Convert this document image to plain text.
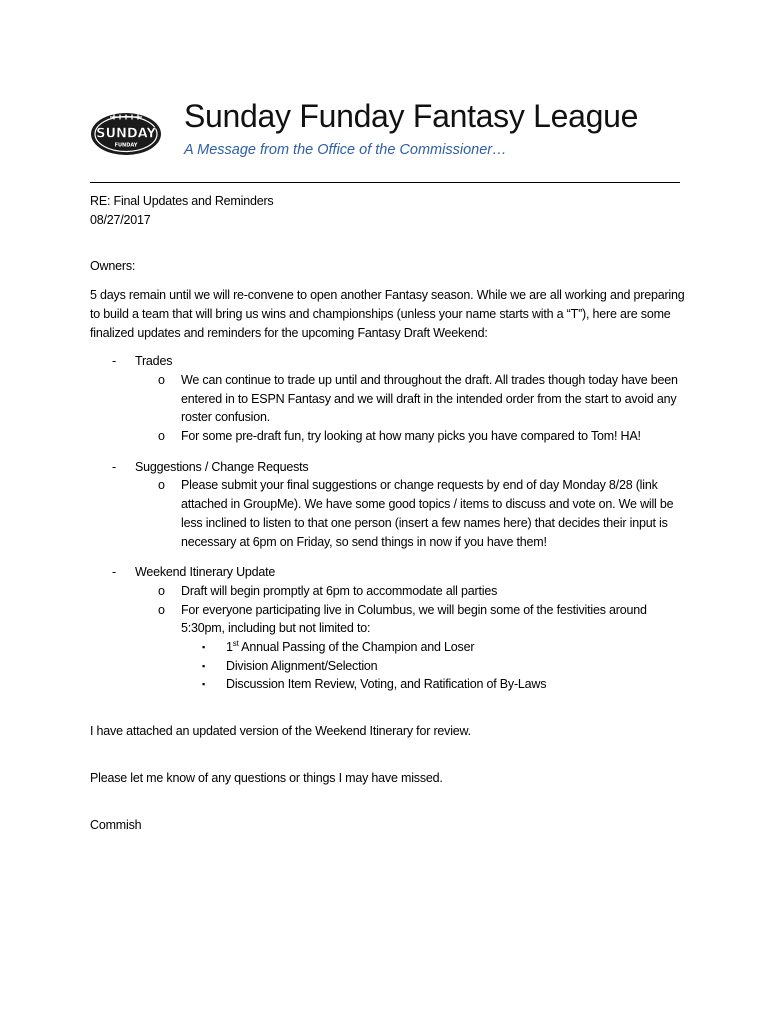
SUNDAY
FUNDAY
Sunday Funday Fantasy League
A Message from the Office of the Commissioner…

RE: Final Updates and Reminders

08/27/2017

Owners:

5 days remain until we will re-convene to open another Fantasy season. While we are all working and preparing to build a team that will bring us wins and championships (unless your name starts with a “T”), here are some finalized updates and reminders for the upcoming Fantasy Draft Weekend:

-	Trades
o	We can continue to trade up until and throughout the draft. All trades though today have been entered in to ESPN Fantasy and we will draft in the intended order from the start to avoid any roster confusion.
o	For some pre-draft fun, try looking at how many picks you have compared to Tom! HA!
-	Suggestions / Change Requests
o	Please submit your final suggestions or change requests by end of day Monday 8/28 (link attached in GroupMe). We have some good topics / items to discuss and vote on. We will be less inclined to listen to that one person (insert a few names here) that decides their input is necessary at 6pm on Friday, so send things in now if you have them!
-	Weekend Itinerary Update
o	Draft will begin promptly at 6pm to accommodate all parties
o	For everyone participating live in Columbus, we will begin some of the festivities around 5:30pm, including but not limited to:
▪	1st Annual Passing of the Champion and Loser
▪	Division Alignment/Selection
▪	Discussion Item Review, Voting, and Ratification of By-Laws

I have attached an updated version of the Weekend Itinerary for review.

Please let me know of any questions or things I may have missed.

Commish
